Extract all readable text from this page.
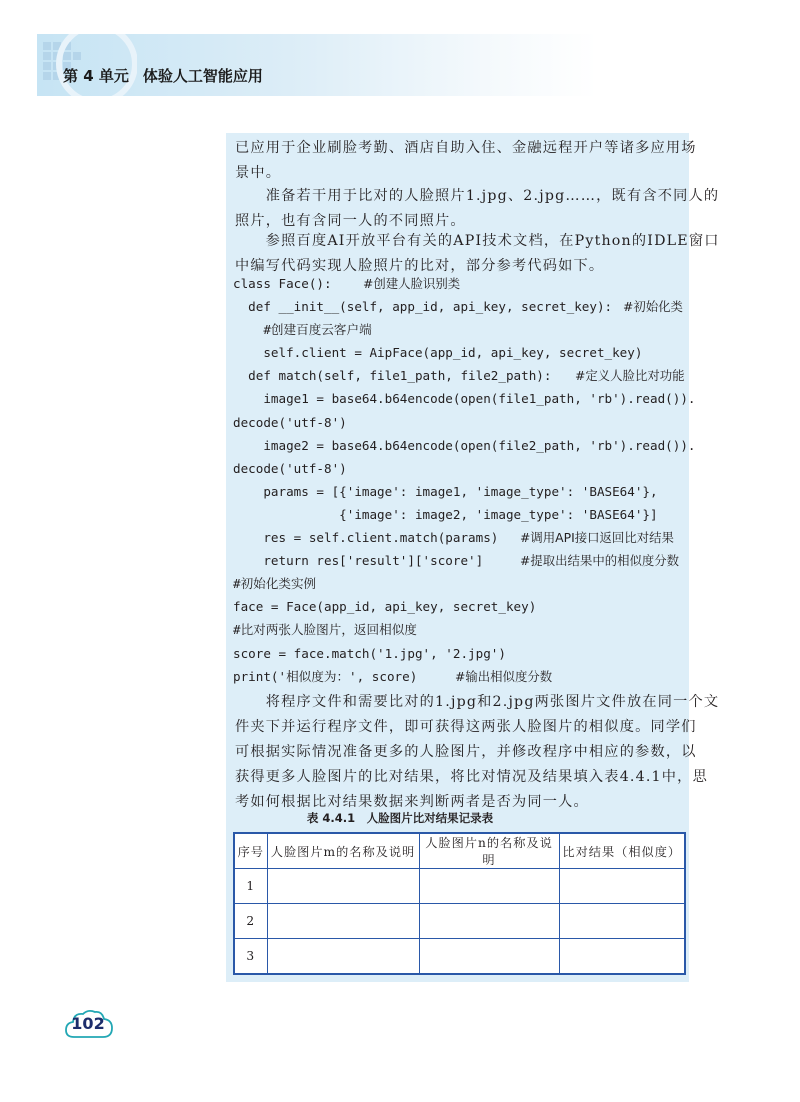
第 4 单元 体验人工智能应用
已应用于企业刷脸考勤、酒店自助入住、金融远程开户等诸多应用场
景中。
　　准备若干用于比对的人脸照片1.jpg、2.jpg……，既有含不同人的
照片，也有含同一人的不同照片。
　　参照百度AI开放平台有关的API技术文档，在Python的IDLE窗口
中编写代码实现人脸照片的比对，部分参考代码如下。
class Face():	#创建人脸识别类
def __init__(self, app_id, api_key, secret_key): #初始化类
#创建百度云客户端
self.client = AipFace(app_id, api_key, secret_key)
def match(self, file1_path, file2_path): #定义人脸比对功能
image1 = base64.b64encode(open(file1_path, 'rb').read()).
decode('utf-8')
image2 = base64.b64encode(open(file2_path, 'rb').read()).
decode('utf-8')
params = [{'image': image1, 'image_type': 'BASE64'},
{'image': image2, 'image_type': 'BASE64'}]
res = self.client.match(params) #调用API接口返回比对结果
return res['result']['score']	#提取出结果中的相似度分数
#初始化类实例
face = Face(app_id, api_key, secret_key)
#比对两张人脸图片，返回相似度
score = face.match('1.jpg', '2.jpg')
print('相似度为：', score)	#输出相似度分数
　　将程序文件和需要比对的1.jpg和2.jpg两张图片文件放在同一个文
件夹下并运行程序文件，即可获得这两张人脸图片的相似度。同学们
可根据实际情况准备更多的人脸图片，并修改程序中相应的参数，以
获得更多人脸图片的比对结果，将比对情况及结果填入表4.4.1中，思
考如何根据比对结果数据来判断两者是否为同一人。
表 4.4.1　人脸图片比对结果记录表
序号	人脸图片m的名称及说明	人脸图片n的名称及说明	比对结果（相似度）
1			
2			
3			
102
